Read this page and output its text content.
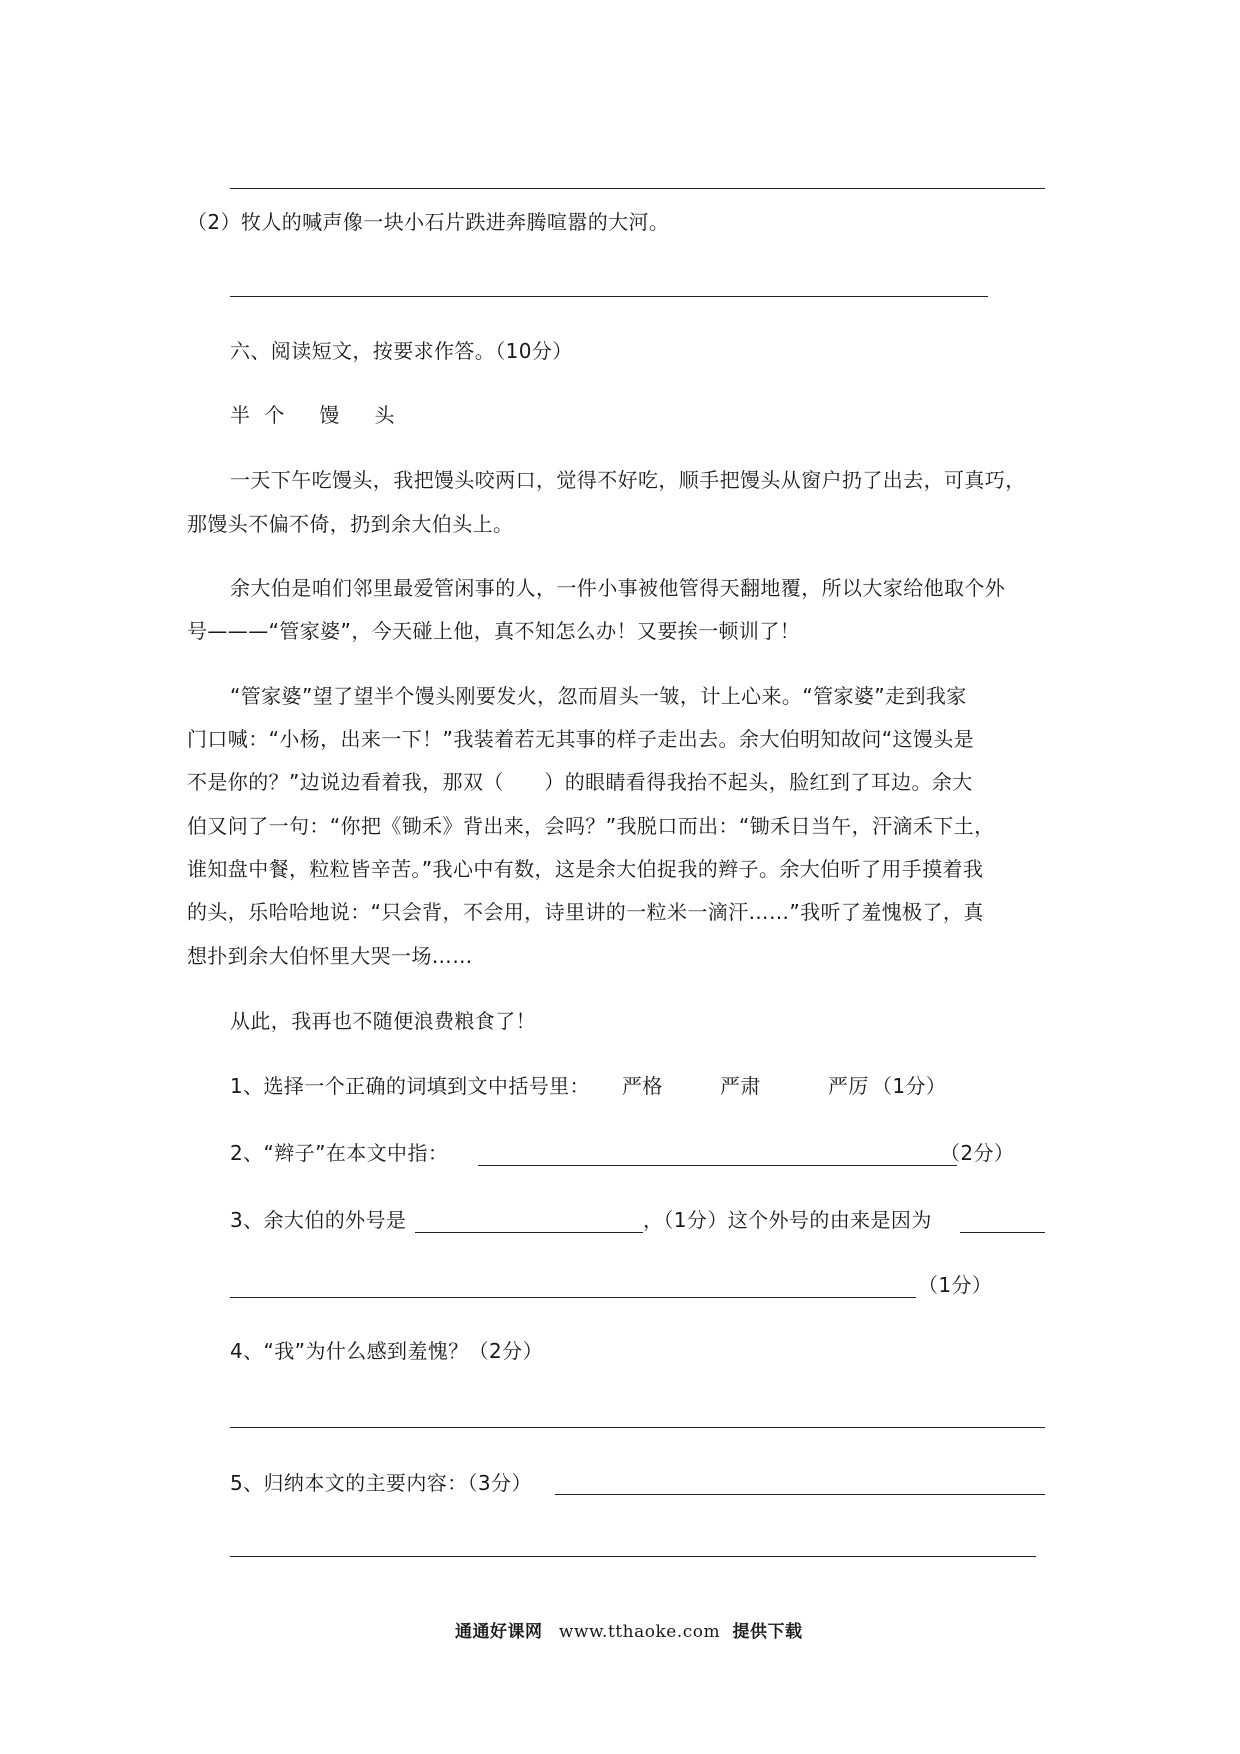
（2）牧人的喊声像一块小石片跌进奔腾喧嚣的大河。
六、阅读短文，按要求作答。（10分）
半 个   馒   头
一天下午吃馒头，我把馒头咬两口，觉得不好吃，顺手把馒头从窗户扔了出去，可真巧，
那馒头不偏不倚，扔到余大伯头上。
余大伯是咱们邻里最爱管闲事的人，一件小事被他管得天翻地覆，所以大家给他取个外
号———“管家婆”，今天碰上他，真不知怎么办！又要挨一顿训了！
“管家婆”望了望半个馒头刚要发火，忽而眉头一皱，计上心来。“管家婆”走到我家
门口喊：“小杨，出来一下！”我装着若无其事的样子走出去。余大伯明知故问“这馒头是
不是你的？”边说边看着我，那双（      ）的眼睛看得我抬不起头，脸红到了耳边。余大
伯又问了一句：“你把《锄禾》背出来，会吗？”我脱口而出：“锄禾日当午，汗滴禾下土，
谁知盘中餐，粒粒皆辛苦。”我心中有数，这是余大伯捉我的辫子。余大伯听了用手摸着我
的头，乐哈哈地说：“只会背，不会用，诗里讲的一粒米一滴汗……”我听了羞愧极了，真
想扑到余大伯怀里大哭一场……
从此，我再也不随便浪费粮食了！
1、选择一个正确的词填到文中括号里： 严格	严肃	严厉 （1分）
2、“辫子”在本文中指：	（2分）
3、余大伯的外号是	，（1分）这个外号的由来是因为
（1分）
4、“我”为什么感到羞愧？（2分）
5、归纳本文的主要内容：（3分）
通通好课网 www.tthaoke.com 提供下载
